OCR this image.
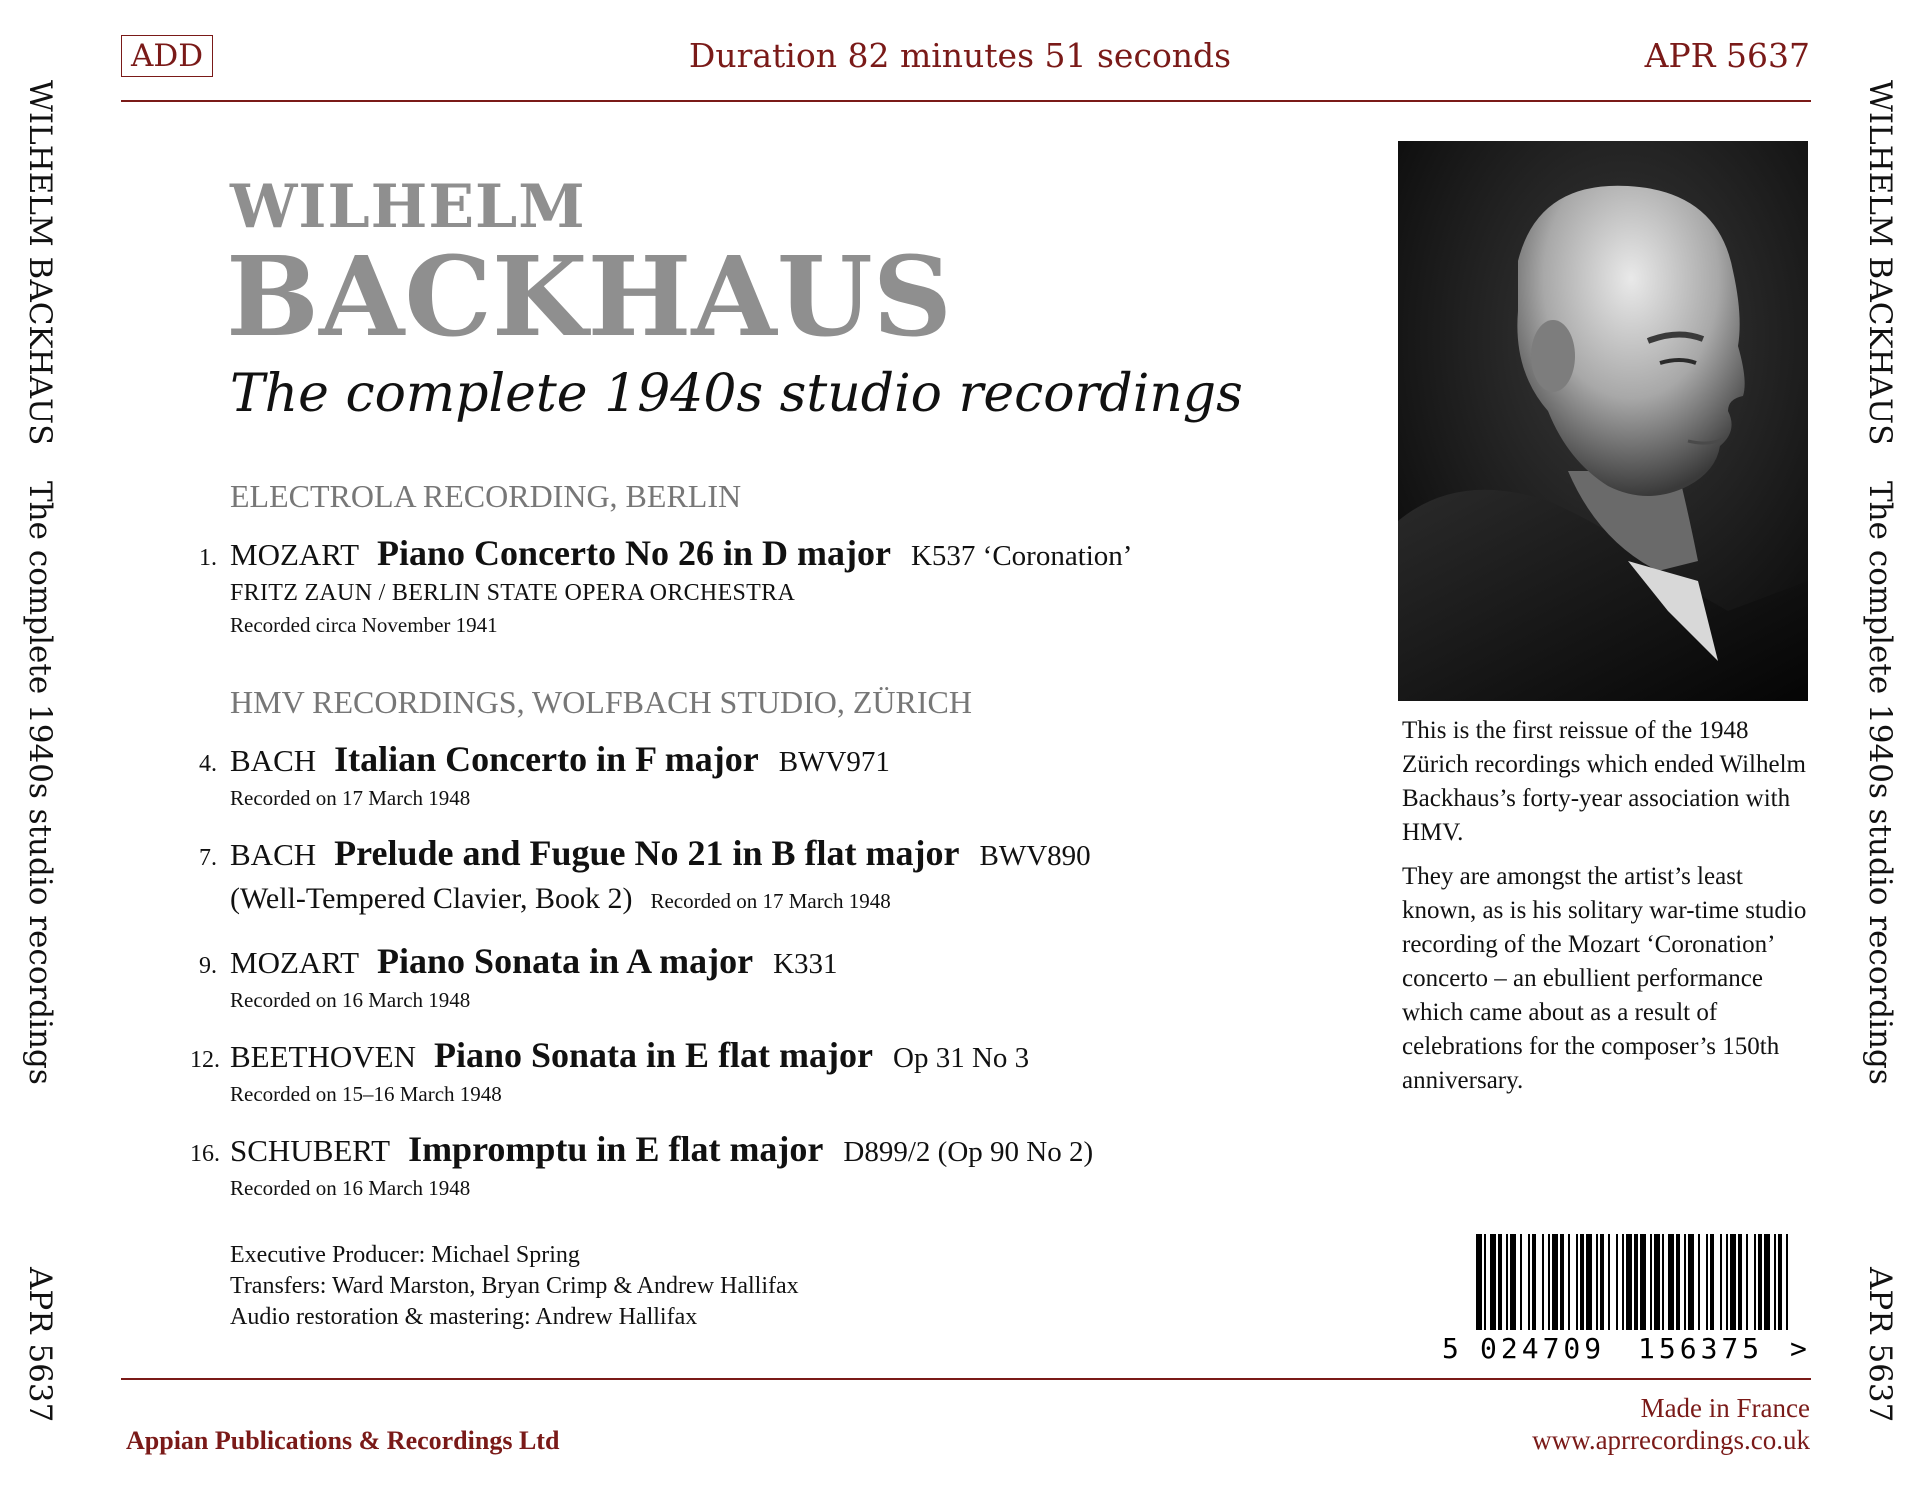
ADD	Duration 82 minutes 51 seconds	APR 5637
WILHELM BACKHAUS
The complete 1940s studio recordings
APR 5637
WILHELM BACKHAUS
The complete 1940s studio recordings
APR 5637
WILHELM
BACKHAUS
The complete 1940s studio recordings
ELECTROLA RECORDING, BERLIN
1. MOZART Piano Concerto No 26 in D major K537 ‘Coronation’
FRITZ ZAUN / BERLIN STATE OPERA ORCHESTRA
Recorded circa November 1941
HMV RECORDINGS, WOLFBACH STUDIO, ZÜRICH
4. BACH Italian Concerto in F major BWV971
Recorded on 17 March 1948
7. BACH Prelude and Fugue No 21 in B flat major BWV890
(Well-Tempered Clavier, Book 2) Recorded on 17 March 1948
9. MOZART Piano Sonata in A major K331
Recorded on 16 March 1948
12. BEETHOVEN Piano Sonata in E flat major Op 31 No 3
Recorded on 15–16 March 1948
16. SCHUBERT Impromptu in E flat major D899/2 (Op 90 No 2)
Recorded on 16 March 1948
Executive Producer: Michael Spring
Transfers: Ward Marston, Bryan Crimp & Andrew Hallifax
Audio restoration & mastering: Andrew Hallifax

This is the first reissue of the 1948 Zürich recordings which ended Wilhelm Backhaus’s forty-year association with HMV.

They are amongst the artist’s least known, as is his solitary war-time studio recording of the Mozart ‘Coronation’ concerto – an ebullient performance which came about as a result of celebrations for the composer’s 150th anniversary.

5 024709 156375 >
Appian Publications & Recordings Ltd
Made in France
www.aprrecordings.co.uk
